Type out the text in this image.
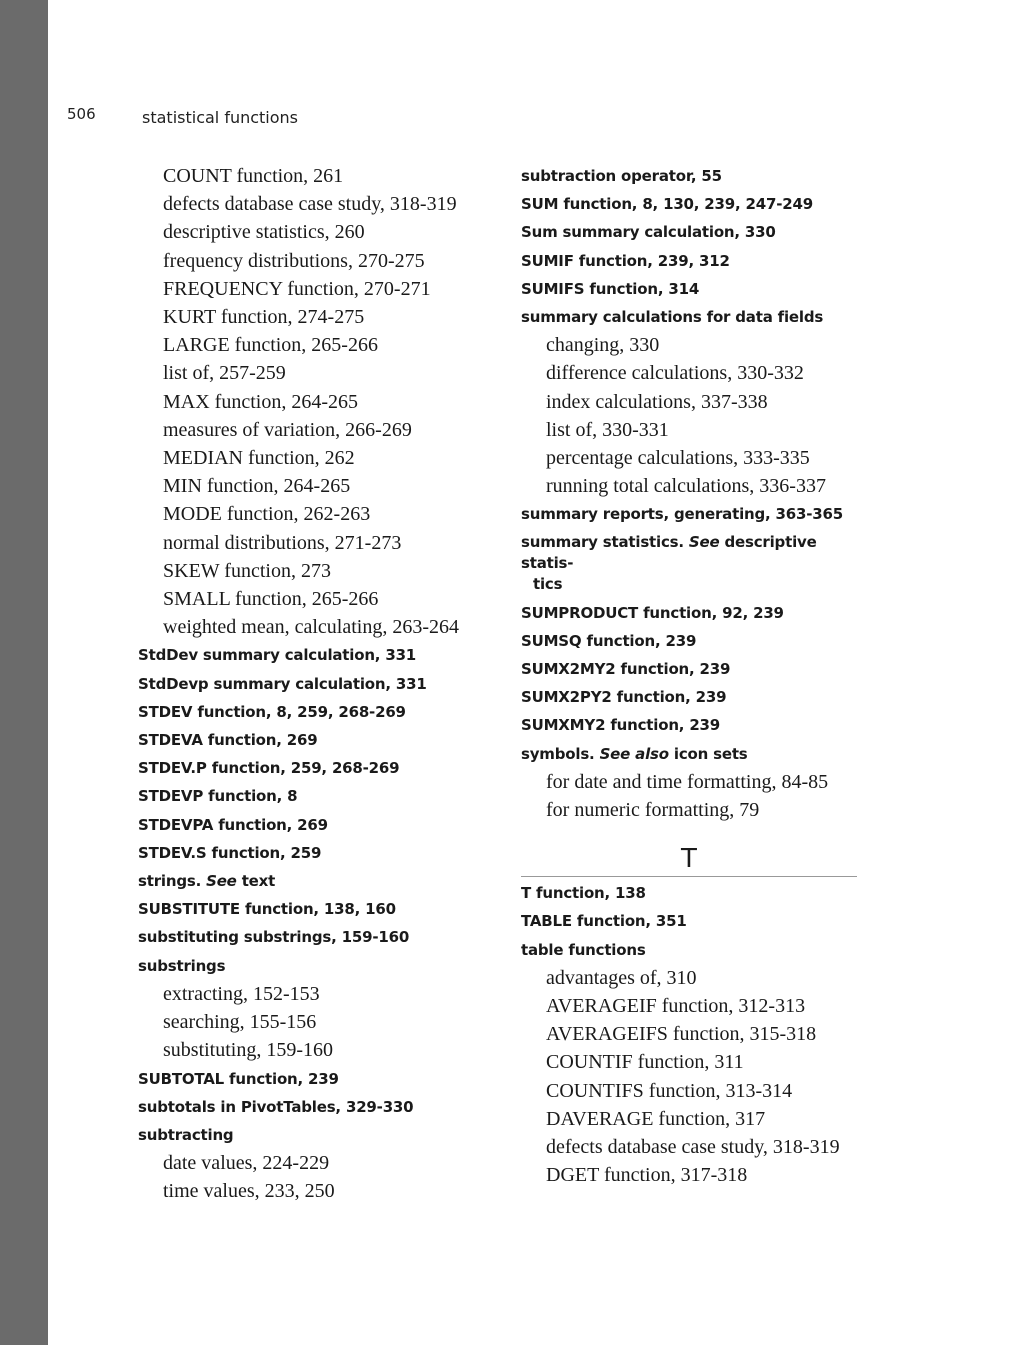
506	statistical functions
COUNT function, 261
defects database case study, 318-319
descriptive statistics, 260
frequency distributions, 270-275
FREQUENCY function, 270-271
KURT function, 274-275
LARGE function, 265-266
list of, 257-259
MAX function, 264-265
measures of variation, 266-269
MEDIAN function, 262
MIN function, 264-265
MODE function, 262-263
normal distributions, 271-273
SKEW function, 273
SMALL function, 265-266
weighted mean, calculating, 263-264
StdDev summary calculation, 331
StdDevp summary calculation, 331
STDEV function, 8, 259, 268-269
STDEVA function, 269
STDEV.P function, 259, 268-269
STDEVP function, 8
STDEVPA function, 269
STDEV.S function, 259
strings. See text
SUBSTITUTE function, 138, 160
substituting substrings, 159-160
substrings
extracting, 152-153
searching, 155-156
substituting, 159-160
SUBTOTAL function, 239
subtotals in PivotTables, 329-330
subtracting
date values, 224-229
time values, 233, 250
subtraction operator, 55
SUM function, 8, 130, 239, 247-249
Sum summary calculation, 330
SUMIF function, 239, 312
SUMIFS function, 314
summary calculations for data fields
changing, 330
difference calculations, 330-332
index calculations, 337-338
list of, 330-331
percentage calculations, 333-335
running total calculations, 336-337
summary reports, generating, 363-365
summary statistics. See descriptive statis-
tics
SUMPRODUCT function, 92, 239
SUMSQ function, 239
SUMX2MY2 function, 239
SUMX2PY2 function, 239
SUMXMY2 function, 239
symbols. See also icon sets
for date and time formatting, 84-85
for numeric formatting, 79
T
T function, 138
TABLE function, 351
table functions
advantages of, 310
AVERAGEIF function, 312-313
AVERAGEIFS function, 315-318
COUNTIF function, 311
COUNTIFS function, 313-314
DAVERAGE function, 317
defects database case study, 318-319
DGET function, 317-318
